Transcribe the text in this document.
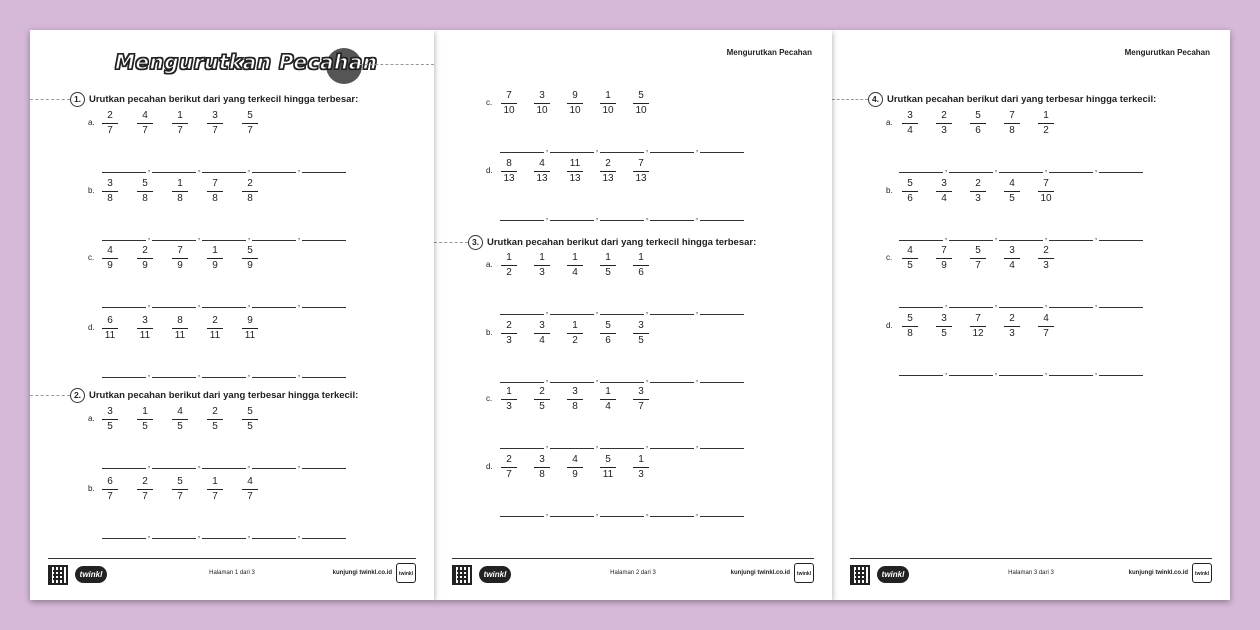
Mengurutkan Pecahan
1. Urutkan pecahan berikut dari yang terkecil hingga terbesar:
a. $\frac{2}{7} \frac{4}{7} \frac{1}{7} \frac{3}{7} \frac{5}{7}$
,	,	,	,
b. $\frac{3}{8} \frac{5}{8} \frac{1}{8} \frac{7}{8} \frac{2}{8}$
,	,	,	,
c. $\frac{4}{9} \frac{2}{9} \frac{7}{9} \frac{1}{9} \frac{5}{9}$
,	,	,	,
d. $\frac{6}{11} \frac{3}{11} \frac{8}{11} \frac{2}{11} \frac{9}{11}$
,	,	,	,
2. Urutkan pecahan berikut dari yang terbesar hingga terkecil:
a. $\frac{3}{5} \frac{1}{5} \frac{4}{5} \frac{2}{5} \frac{5}{5}$
,	,	,	,
b. $\frac{6}{7} \frac{2}{7} \frac{5}{7} \frac{1}{7} \frac{4}{7}$
,	,	,	,
twinkl	Halaman 1 dari 3	kunjungi twinkl.co.id	twinkl
Mengurutkan Pecahan
c. $\frac{7}{10} \frac{3}{10} \frac{9}{10} \frac{1}{10} \frac{5}{10}$
,	,	,	,
d. $\frac{8}{13} \frac{4}{13} \frac{11}{13} \frac{2}{13} \frac{7}{13}$
,	,	,	,
3. Urutkan pecahan berikut dari yang terkecil hingga terbesar:
a. $\frac{1}{2} \frac{1}{3} \frac{1}{4} \frac{1}{5} \frac{1}{6}$
,	,	,	,
b. $\frac{2}{3} \frac{3}{4} \frac{1}{2} \frac{5}{6} \frac{3}{5}$
,	,	,	,
c. $\frac{1}{3} \frac{2}{5} \frac{3}{8} \frac{1}{4} \frac{3}{7}$
,	,	,	,
d. $\frac{2}{7} \frac{3}{8} \frac{4}{9} \frac{5}{11} \frac{1}{3}$
,	,	,	,
twinkl	Halaman 2 dari 3	kunjungi twinkl.co.id	twinkl
Mengurutkan Pecahan
4. Urutkan pecahan berikut dari yang terbesar hingga terkecil:
a. $\frac{3}{4} \frac{2}{3} \frac{5}{6} \frac{7}{8} \frac{1}{2}$
,	,	,	,
b. $\frac{5}{6} \frac{3}{4} \frac{2}{3} \frac{4}{5} \frac{7}{10}$
,	,	,	,
c. $\frac{4}{5} \frac{7}{9} \frac{5}{7} \frac{3}{4} \frac{2}{3}$
,	,	,	,
d. $\frac{5}{8} \frac{3}{5} \frac{7}{12} \frac{2}{3} \frac{4}{7}$
,	,	,	,
twinkl	Halaman 3 dari 3	kunjungi twinkl.co.id	twinkl
